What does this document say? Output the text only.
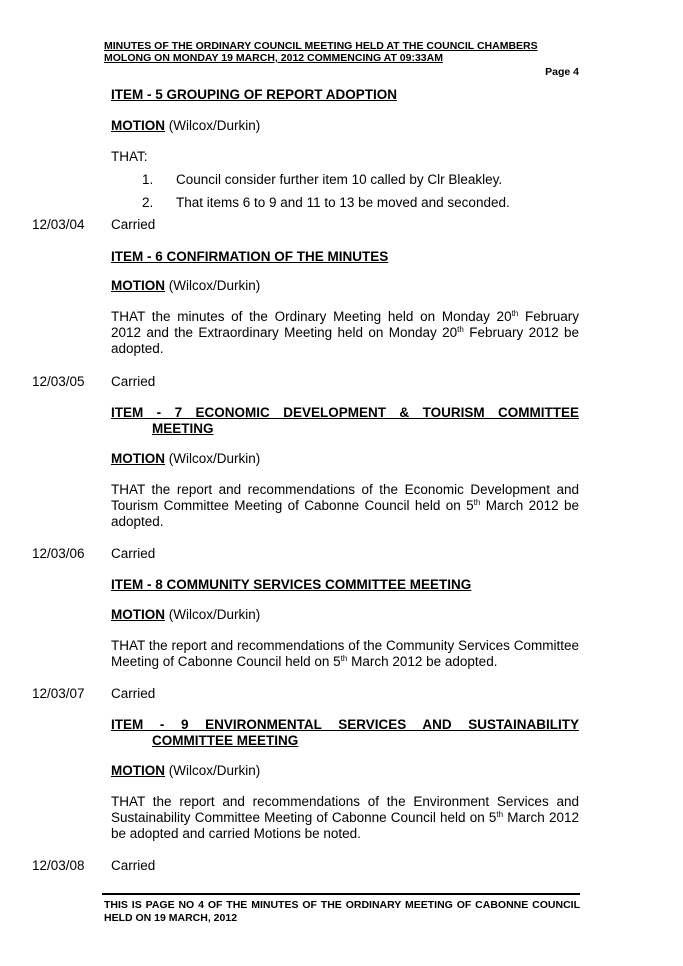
MINUTES OF THE ORDINARY COUNCIL MEETING HELD AT THE COUNCIL CHAMBERS
MOLONG ON MONDAY 19 MARCH, 2012 COMMENCING AT 09:33AM
Page 4
ITEM - 5 GROUPING OF REPORT ADOPTION
MOTION (Wilcox/Durkin)
THAT:
1. Council consider further item 10 called by Clr Bleakley.
2. That items 6 to 9 and 11 to 13 be moved and seconded.
12/03/04 Carried
ITEM - 6 CONFIRMATION OF THE MINUTES
MOTION (Wilcox/Durkin)
THAT the minutes of the Ordinary Meeting held on Monday 20th February 2012 and the Extraordinary Meeting held on Monday 20th February 2012 be adopted.
12/03/05 Carried
ITEM - 7 ECONOMIC DEVELOPMENT & TOURISM COMMITTEE
MEETING
MOTION (Wilcox/Durkin)
THAT the report and recommendations of the Economic Development and Tourism Committee Meeting of Cabonne Council held on 5th March 2012 be adopted.
12/03/06 Carried
ITEM - 8 COMMUNITY SERVICES COMMITTEE MEETING
MOTION (Wilcox/Durkin)
THAT the report and recommendations of the Community Services Committee Meeting of Cabonne Council held on 5th March 2012 be adopted.
12/03/07 Carried
ITEM - 9 ENVIRONMENTAL SERVICES AND SUSTAINABILITY
COMMITTEE MEETING
MOTION (Wilcox/Durkin)
THAT the report and recommendations of the Environment Services and Sustainability Committee Meeting of Cabonne Council held on 5th March 2012 be adopted and carried Motions be noted.
12/03/08 Carried
THIS IS PAGE NO 4 OF THE MINUTES OF THE ORDINARY MEETING OF CABONNE COUNCIL HELD ON 19 MARCH, 2012
